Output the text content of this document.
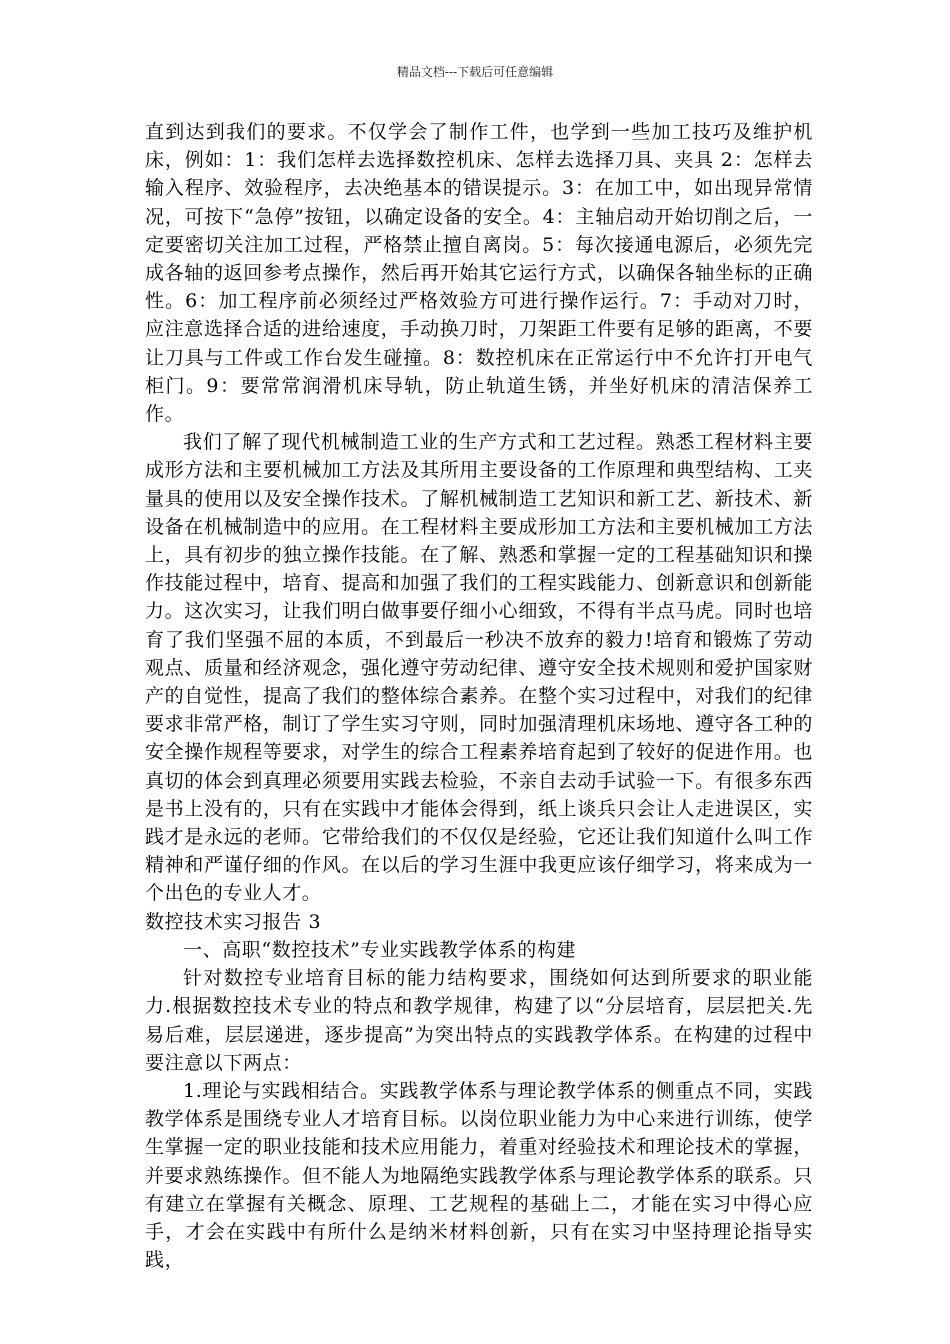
精品文档---下载后可任意编辑

直到达到我们的要求。不仅学会了制作工件，也学到一些加工技巧及维护机床，例如：1：我们怎样去选择数控机床、怎样去选择刀具、夹具 2：怎样去输入程序、效验程序，去决绝基本的错误提示。3：在加工中，如出现异常情况，可按下“急停”按钮，以确定设备的安全。4：主轴启动开始切削之后，一定要密切关注加工过程，严格禁止擅自离岗。5：每次接通电源后，必须先完成各轴的返回参考点操作，然后再开始其它运行方式，以确保各轴坐标的正确性。6：加工程序前必须经过严格效验方可进行操作运行。7：手动对刀时，应注意选择合适的进给速度，手动换刀时，刀架距工件要有足够的距离，不要让刀具与工件或工作台发生碰撞。8：数控机床在正常运行中不允许打开电气柜门。9：要常常润滑机床导轨，防止轨道生锈，并坐好机床的清洁保养工作。

我们了解了现代机械制造工业的生产方式和工艺过程。熟悉工程材料主要成形方法和主要机械加工方法及其所用主要设备的工作原理和典型结构、工夹量具的使用以及安全操作技术。了解机械制造工艺知识和新工艺、新技术、新设备在机械制造中的应用。在工程材料主要成形加工方法和主要机械加工方法上，具有初步的独立操作技能。在了解、熟悉和掌握一定的工程基础知识和操作技能过程中，培育、提高和加强了我们的工程实践能力、创新意识和创新能力。这次实习，让我们明白做事要仔细小心细致，不得有半点马虎。同时也培育了我们坚强不屈的本质，不到最后一秒决不放弃的毅力!培育和锻炼了劳动观点、质量和经济观念，强化遵守劳动纪律、遵守安全技术规则和爱护国家财产的自觉性，提高了我们的整体综合素养。在整个实习过程中，对我们的纪律要求非常严格，制订了学生实习守则，同时加强清理机床场地、遵守各工种的安全操作规程等要求，对学生的综合工程素养培育起到了较好的促进作用。也真切的体会到真理必须要用实践去检验，不亲自去动手试验一下。有很多东西是书上没有的，只有在实践中才能体会得到，纸上谈兵只会让人走进误区，实践才是永远的老师。它带给我们的不仅仅是经验，它还让我们知道什么叫工作精神和严谨仔细的作风。在以后的学习生涯中我更应该仔细学习，将来成为一个出色的专业人才。

数控技术实习报告 3

一、高职“数控技术”专业实践教学体系的构建

针对数控专业培育目标的能力结构要求，围绕如何达到所要求的职业能力.根据数控技术专业的特点和教学规律，构建了以“分层培育，层层把关.先易后难，层层递进，逐步提高”为突出特点的实践教学体系。在构建的过程中要注意以下两点：

1.理论与实践相结合。实践教学体系与理论教学体系的侧重点不同，实践教学体系是围绕专业人才培育目标。以岗位职业能力为中心来进行训练，使学生掌握一定的职业技能和技术应用能力，着重对经验技术和理论技术的掌握，并要求熟练操作。但不能人为地隔绝实践教学体系与理论教学体系的联系。只有建立在掌握有关概念、原理、工艺规程的基础上二，才能在实习中得心应手，才会在实践中有所什么是纳米材料创新，只有在实习中坚持理论指导实践，
